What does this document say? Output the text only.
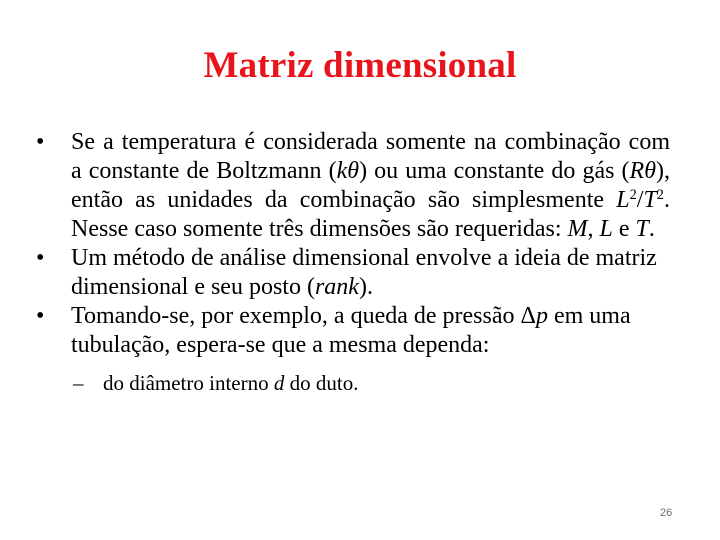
Matriz dimensional
• Se a temperatura é considerada somente na combinação com a constante de Boltzmann (kθ) ou uma constante do gás (Rθ), então as unidades da combinação são simplesmente $L^2/T^2$. Nesse caso somente três dimensões são requeridas: M, L e T.
• Um método de análise dimensional envolve a ideia de matriz dimensional e seu posto (rank).
• Tomando-se, por exemplo, a queda de pressão Δp em uma tubulação, espera-se que a mesma dependa:
– do diâmetro interno d do duto.
26
